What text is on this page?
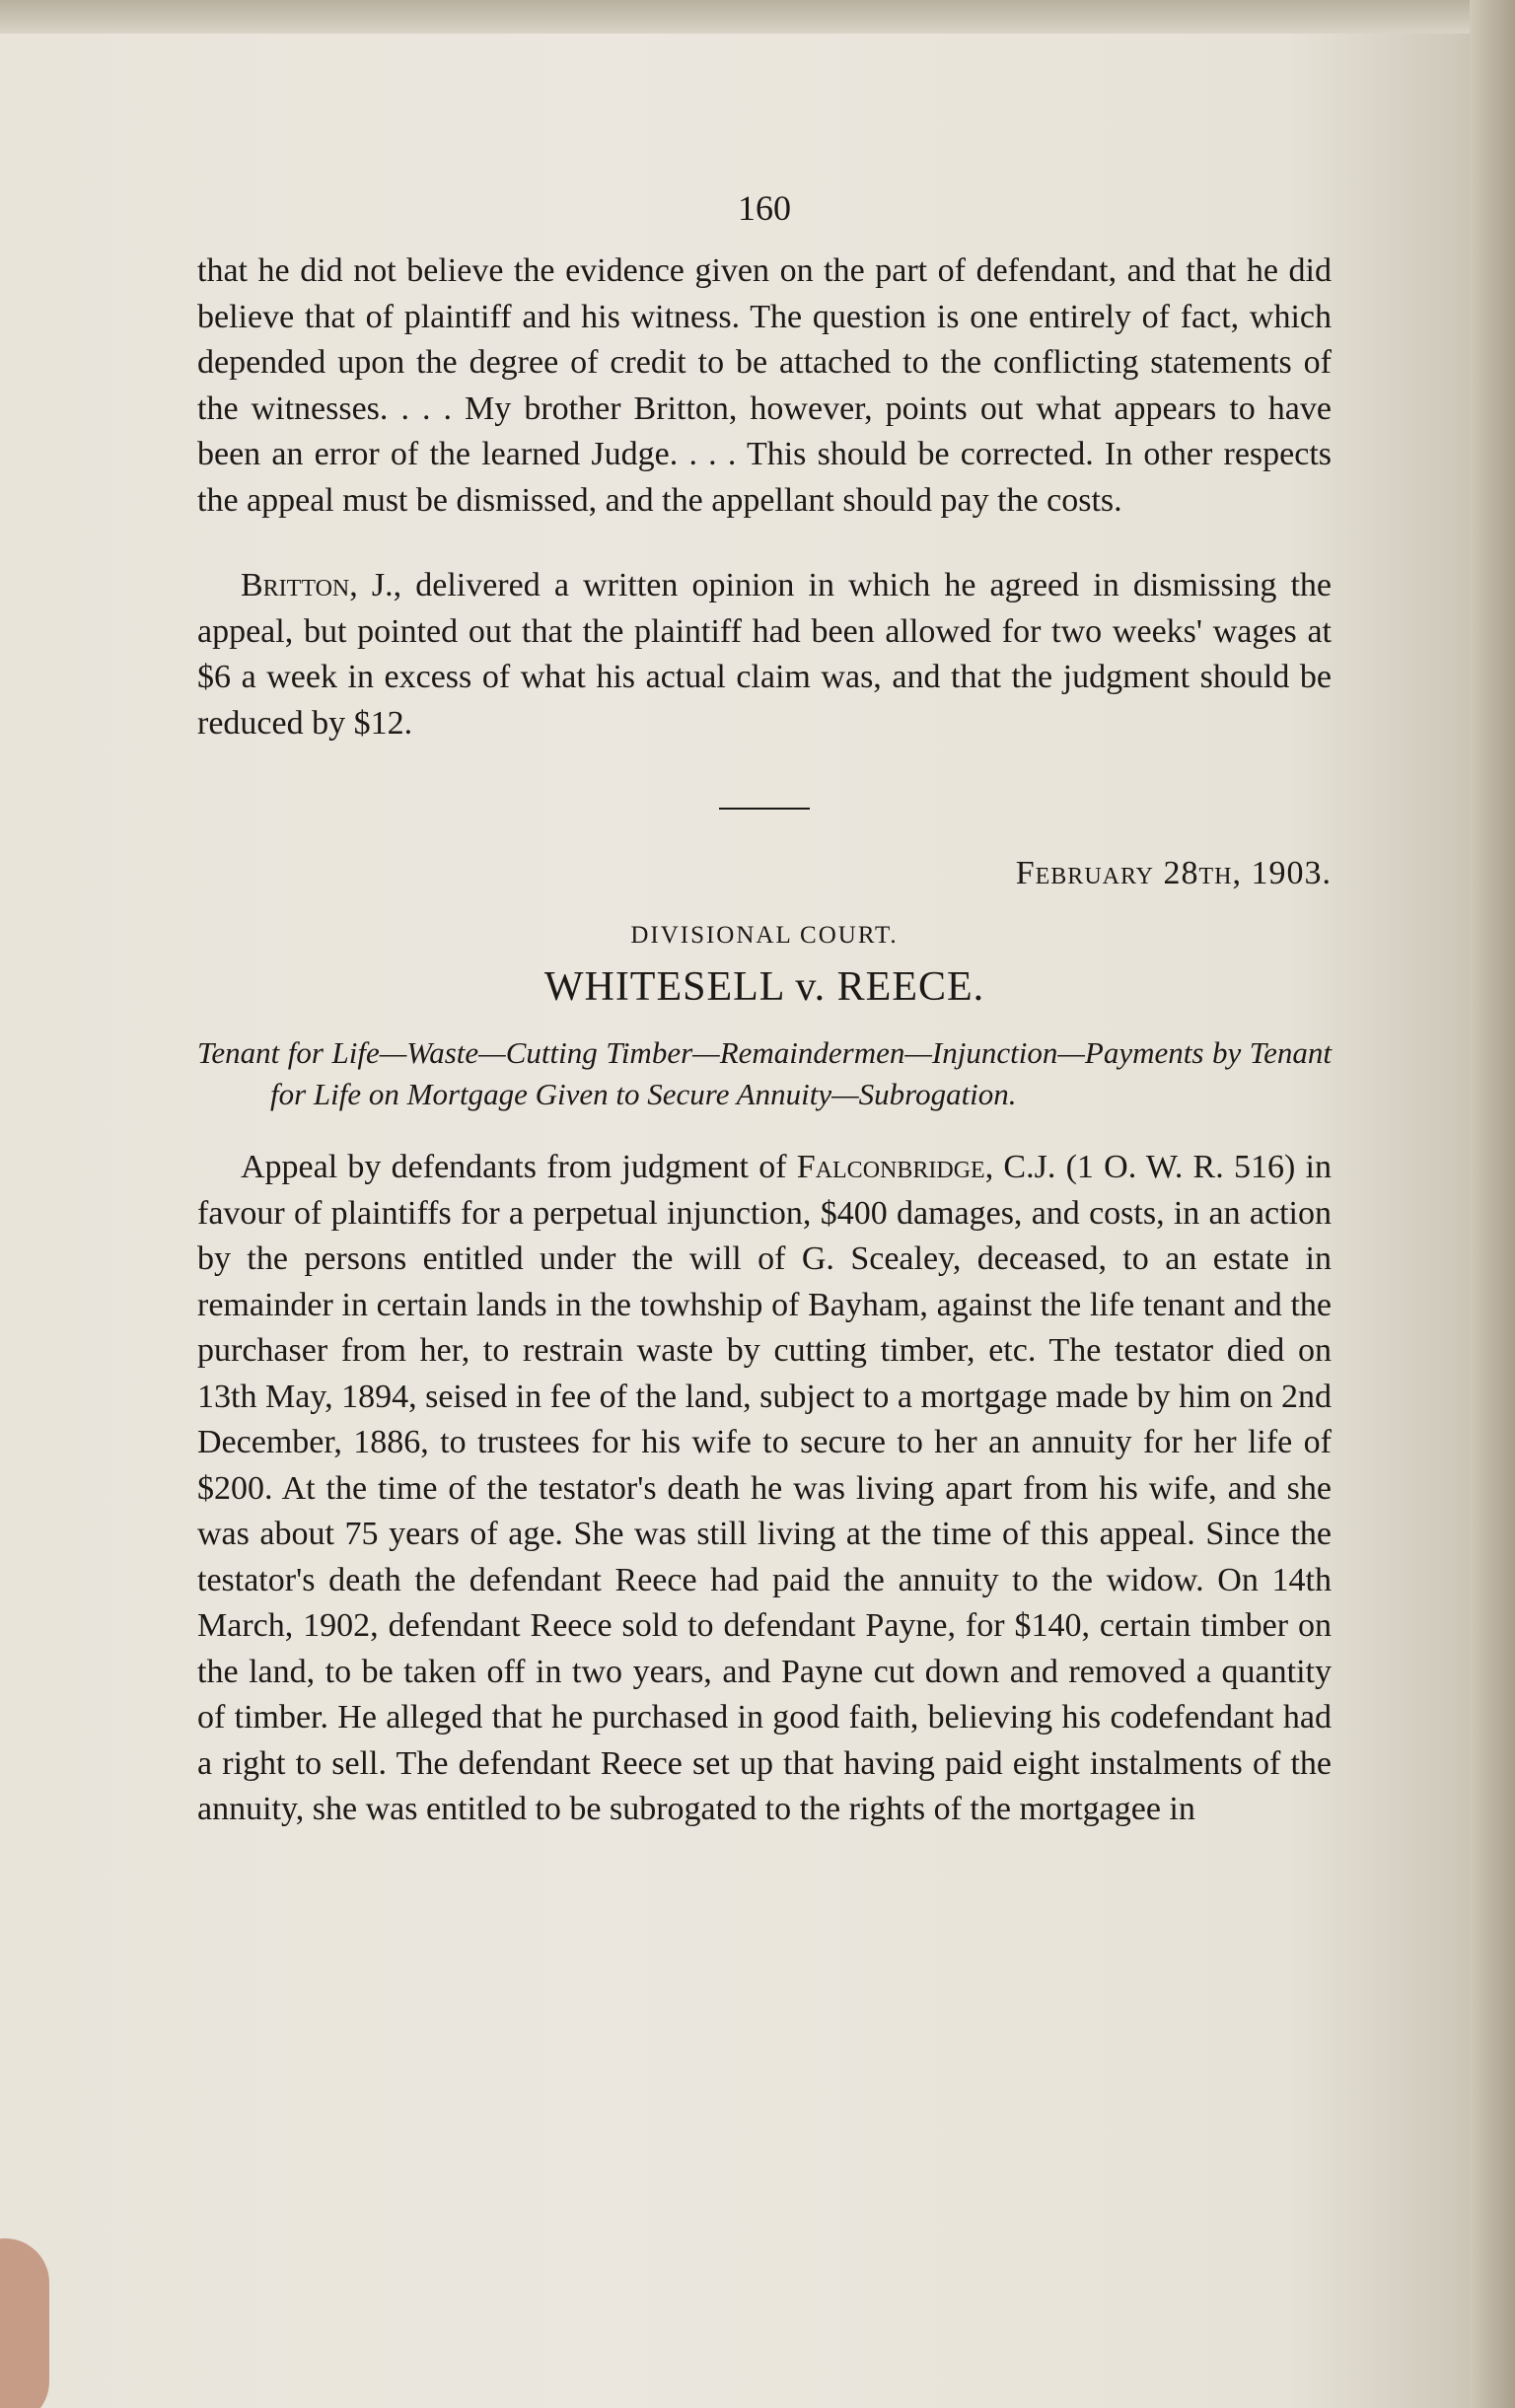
160

that he did not believe the evidence given on the part of defendant, and that he did believe that of plaintiff and his witness. The question is one entirely of fact, which depended upon the degree of credit to be attached to the conflicting statements of the witnesses. . . . My brother Britton, however, points out what appears to have been an error of the learned Judge. . . . This should be corrected. In other respects the appeal must be dismissed, and the appellant should pay the costs.

Britton, J., delivered a written opinion in which he agreed in dismissing the appeal, but pointed out that the plaintiff had been allowed for two weeks' wages at $6 a week in excess of what his actual claim was, and that the judgment should be reduced by $12.

February 28th, 1903.
DIVISIONAL COURT.
WHITESELL v. REECE.

Tenant for Life—Waste—Cutting Timber—Remaindermen—Injunction—Payments by Tenant for Life on Mortgage Given to Secure Annuity—Subrogation.

Appeal by defendants from judgment of Falconbridge, C.J. (1 O. W. R. 516) in favour of plaintiffs for a perpetual injunction, $400 damages, and costs, in an action by the persons entitled under the will of G. Scealey, deceased, to an estate in remainder in certain lands in the towhship of Bayham, against the life tenant and the purchaser from her, to restrain waste by cutting timber, etc. The testator died on 13th May, 1894, seised in fee of the land, subject to a mortgage made by him on 2nd December, 1886, to trustees for his wife to secure to her an annuity for her life of $200. At the time of the testator's death he was living apart from his wife, and she was about 75 years of age. She was still living at the time of this appeal. Since the testator's death the defendant Reece had paid the annuity to the widow. On 14th March, 1902, defendant Reece sold to defendant Payne, for $140, certain timber on the land, to be taken off in two years, and Payne cut down and removed a quantity of timber. He alleged that he purchased in good faith, believing his codefendant had a right to sell. The defendant Reece set up that having paid eight instalments of the annuity, she was entitled to be subrogated to the rights of the mortgagee in
